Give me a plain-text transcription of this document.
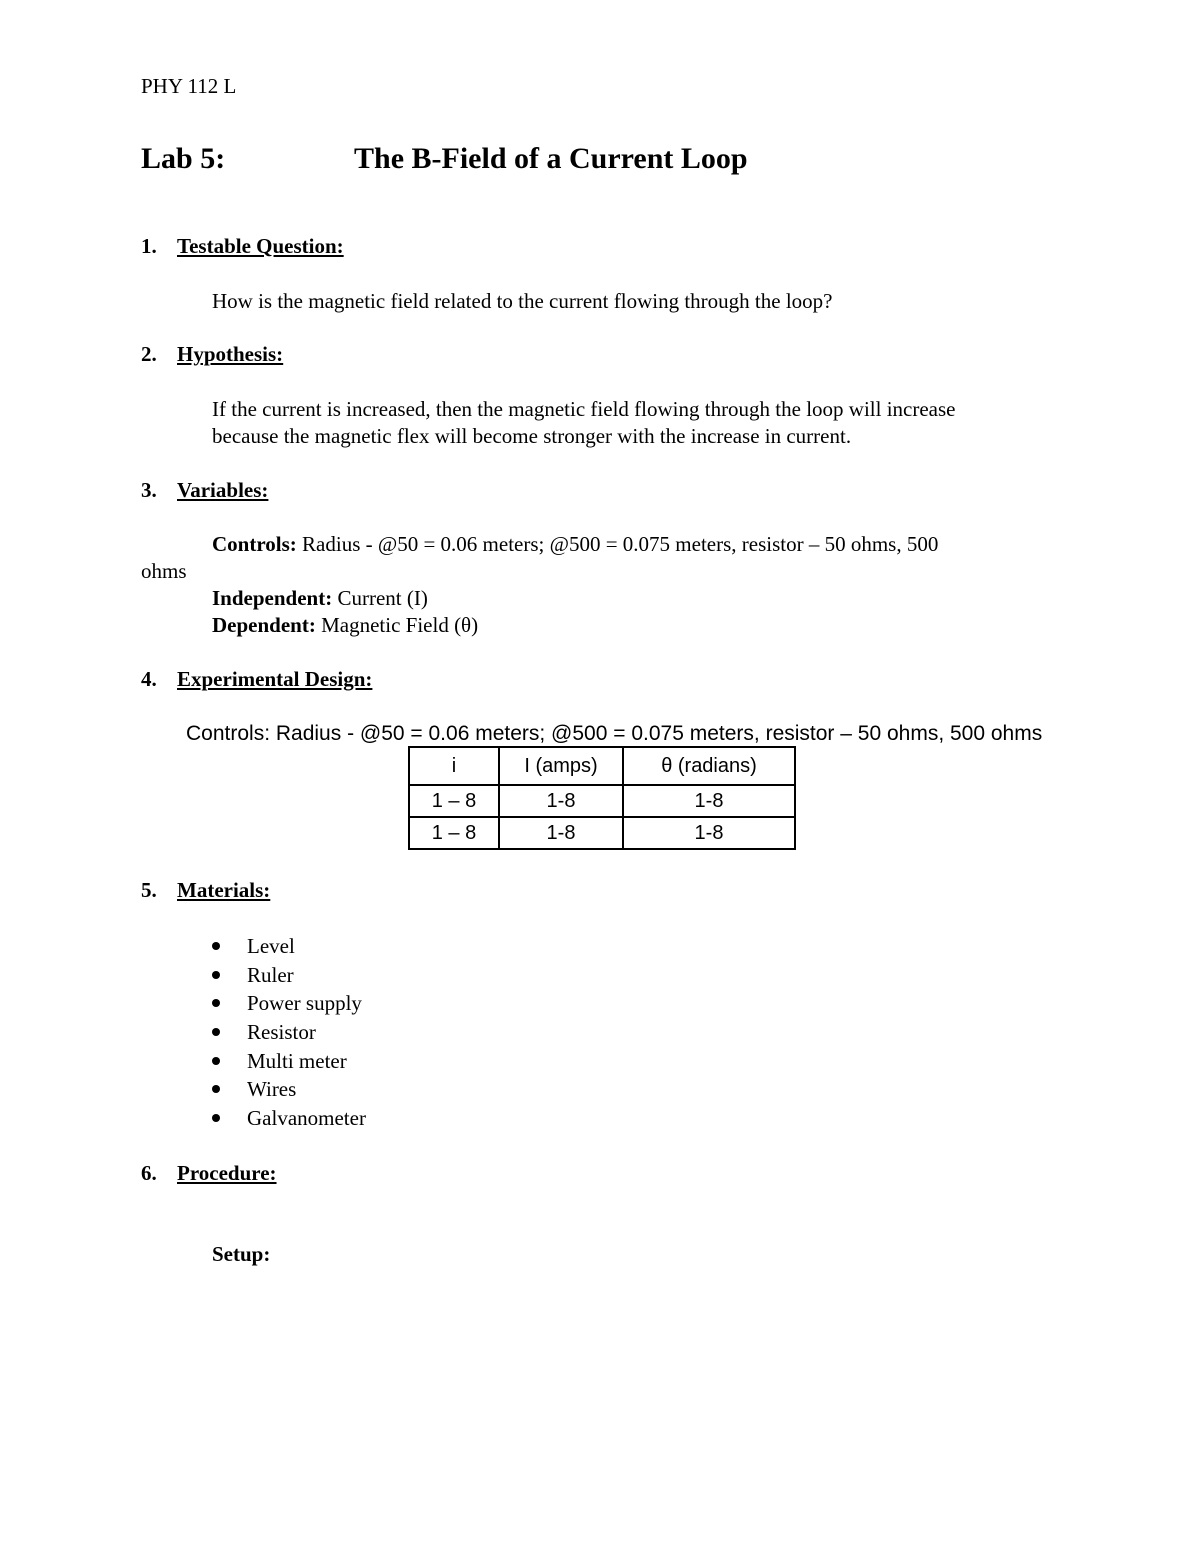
PHY 112 L
Lab 5:	The B-Field of a Current Loop
1. Testable Question:
How is the magnetic field related to the current flowing through the loop?
2. Hypothesis:
If the current is increased, then the magnetic field flowing through the loop will increase
because the magnetic flex will become stronger with the increase in current.
3. Variables:
Controls: Radius - @50 = 0.06 meters; @500 = 0.075 meters, resistor – 50 ohms, 500
ohms
Independent: Current (I)
Dependent: Magnetic Field (θ)
4. Experimental Design:
Controls: Radius - @50 = 0.06 meters; @500 = 0.075 meters, resistor – 50 ohms, 500 ohms
i	I (amps)	θ (radians)
1 – 8	1-8	1-8
1 – 8	1-8	1-8
5. Materials:
Level
Ruler
Power supply
Resistor
Multi meter
Wires
Galvanometer
6. Procedure:
Setup:
